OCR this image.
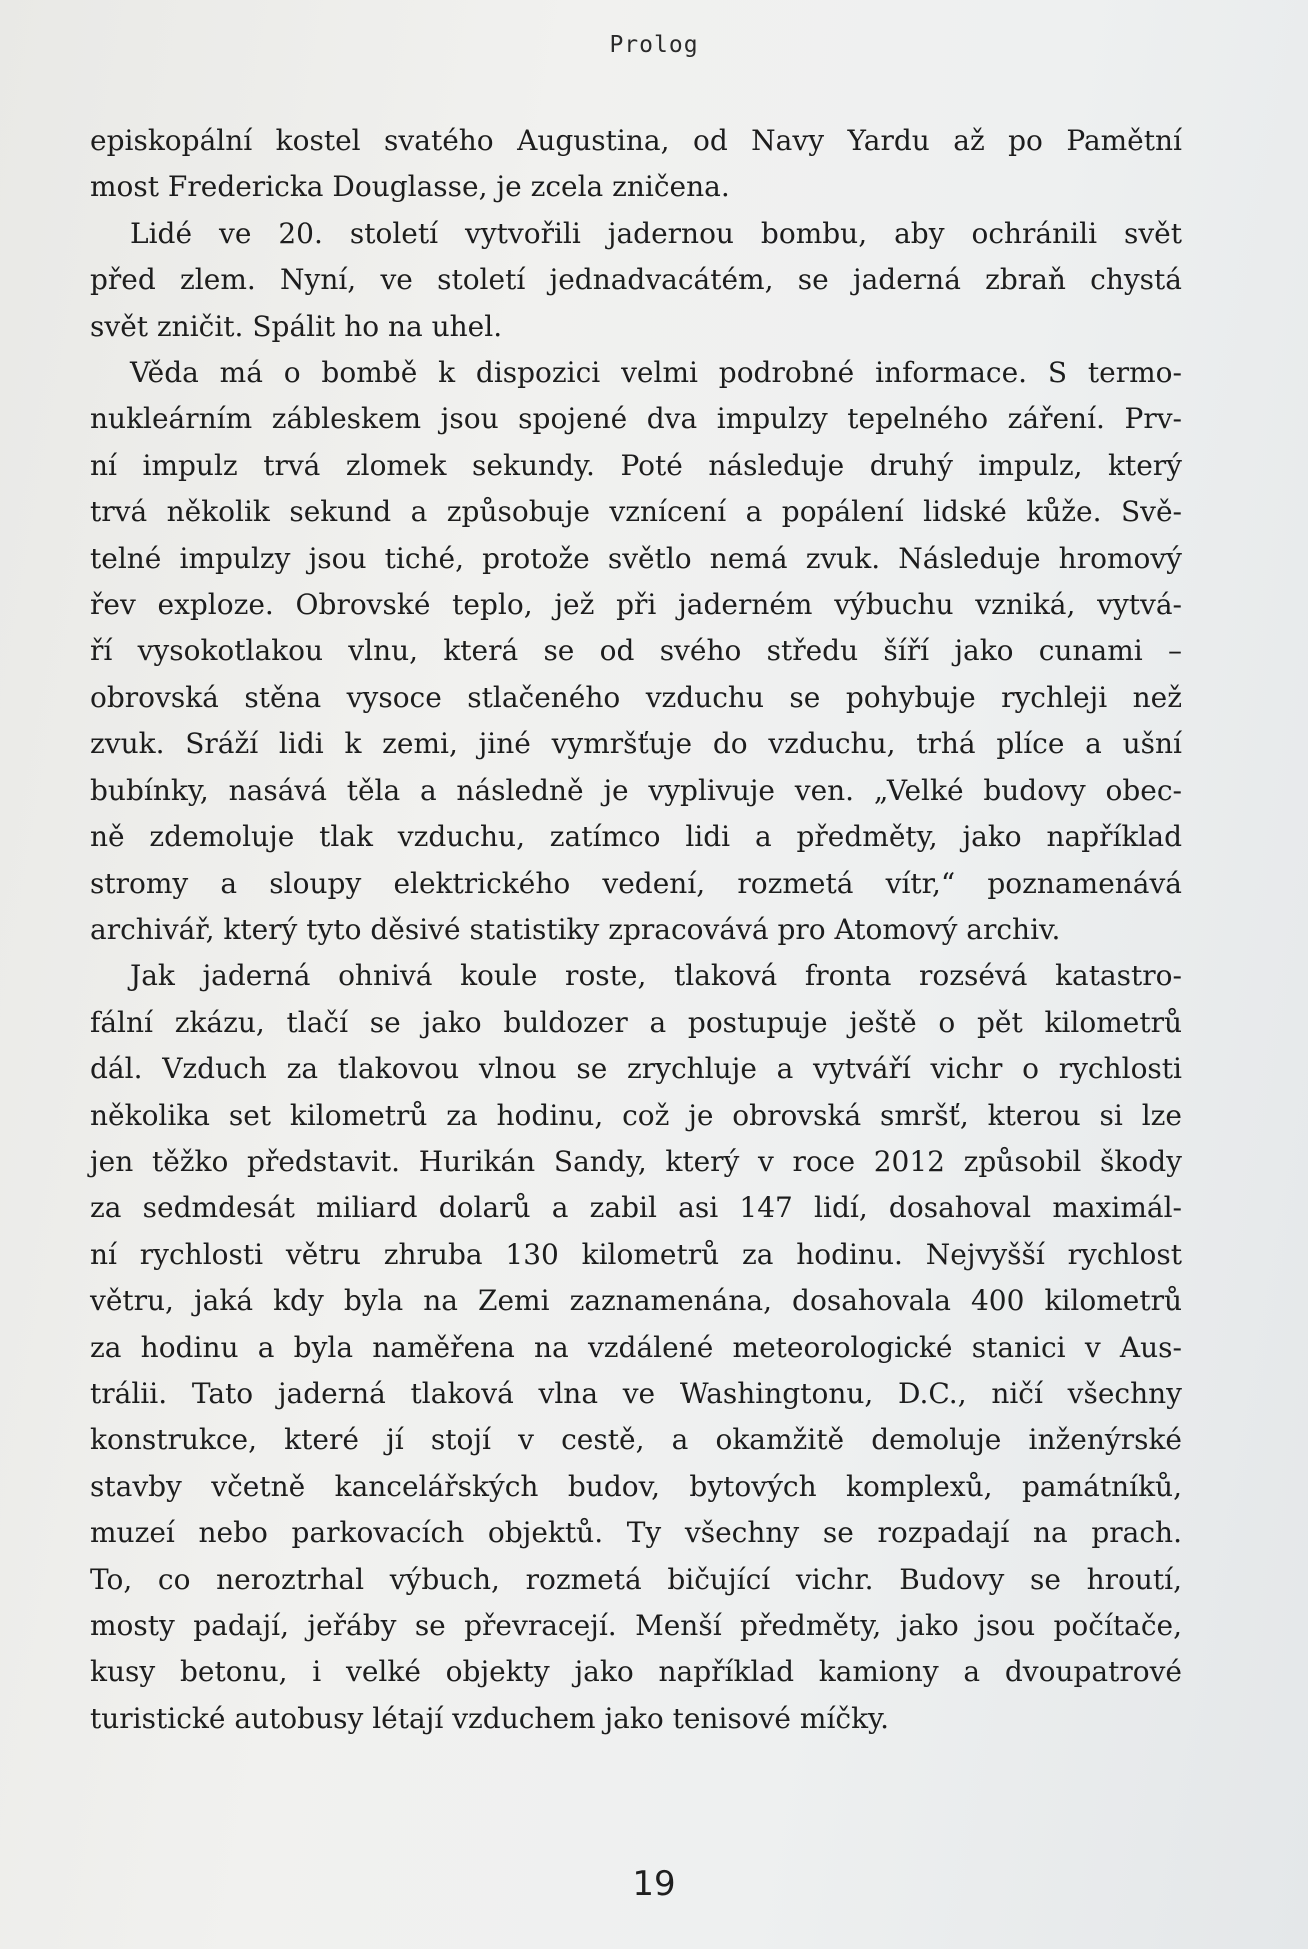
Prolog
episkopální kostel svatého Augustina, od Navy Yardu až po Pamětní
most Fredericka Douglasse, je zcela zničena.
Lidé ve 20. století vytvořili jadernou bombu, aby ochránili svět
před zlem. Nyní, ve století jednadvacátém, se jaderná zbraň chystá
svět zničit. Spálit ho na uhel.
Věda má o bombě k dispozici velmi podrobné informace. S termo-
nukleárním zábleskem jsou spojené dva impulzy tepelného záření. Prv-
ní impulz trvá zlomek sekundy. Poté následuje druhý impulz, který
trvá několik sekund a způsobuje vznícení a popálení lidské kůže. Svě-
telné impulzy jsou tiché, protože světlo nemá zvuk. Následuje hromový
řev exploze. Obrovské teplo, jež při jaderném výbuchu vzniká, vytvá-
ří vysokotlakou vlnu, která se od svého středu šíří jako cunami –
obrovská stěna vysoce stlačeného vzduchu se pohybuje rychleji než
zvuk. Sráží lidi k zemi, jiné vymršťuje do vzduchu, trhá plíce a ušní
bubínky, nasává těla a následně je vyplivuje ven. „Velké budovy obec-
ně zdemoluje tlak vzduchu, zatímco lidi a předměty, jako například
stromy a sloupy elektrického vedení, rozmetá vítr,“ poznamenává
archivář, který tyto děsivé statistiky zpracovává pro Atomový archiv.
Jak jaderná ohnivá koule roste, tlaková fronta rozsévá katastro-
fální zkázu, tlačí se jako buldozer a postupuje ještě o pět kilometrů
dál. Vzduch za tlakovou vlnou se zrychluje a vytváří vichr o rychlosti
několika set kilometrů za hodinu, což je obrovská smršť, kterou si lze
jen těžko představit. Hurikán Sandy, který v roce 2012 způsobil škody
za sedmdesát miliard dolarů a zabil asi 147 lidí, dosahoval maximál-
ní rychlosti větru zhruba 130 kilometrů za hodinu. Nejvyšší rychlost
větru, jaká kdy byla na Zemi zaznamenána, dosahovala 400 kilometrů
za hodinu a byla naměřena na vzdálené meteorologické stanici v Aus-
trálii. Tato jaderná tlaková vlna ve Washingtonu, D.C., ničí všechny
konstrukce, které jí stojí v cestě, a okamžitě demoluje inženýrské
stavby včetně kancelářských budov, bytových komplexů, památníků,
muzeí nebo parkovacích objektů. Ty všechny se rozpadají na prach.
To, co neroztrhal výbuch, rozmetá bičující vichr. Budovy se hroutí,
mosty padají, jeřáby se převracejí. Menší předměty, jako jsou počítače,
kusy betonu, i velké objekty jako například kamiony a dvoupatrové
turistické autobusy létají vzduchem jako tenisové míčky.
19
